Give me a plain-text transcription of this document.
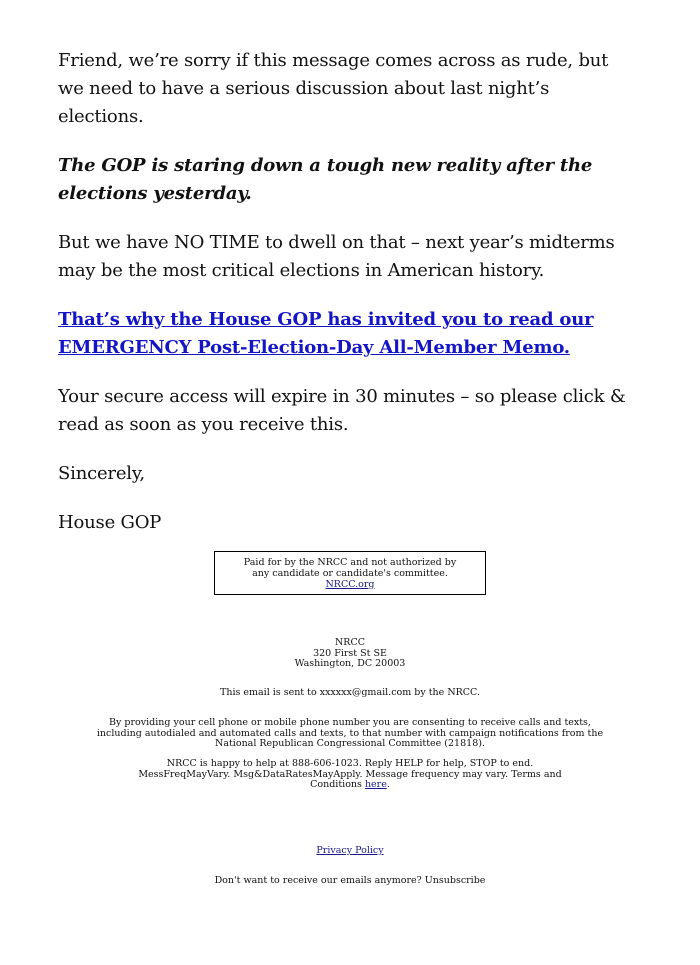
Friend, we’re sorry if this message comes across as rude, but we need to have a serious discussion about last night’s elections.

The GOP is staring down a tough new reality after the elections yesterday.

But we have NO TIME to dwell on that – next year’s midterms may be the most critical elections in American history.

That’s why the House GOP has invited you to read our EMERGENCY Post-Election-Day All-Member Memo.

Your secure access will expire in 30 minutes – so please click & read as soon as you receive this.

Sincerely,

House GOP

Paid for by the NRCC and not authorized by any candidate or candidate's committee. NRCC.org
NRCC
320 First St SE
Washington, DC 20003
This email is sent to xxxxxx@gmail.com by the NRCC.
By providing your cell phone or mobile phone number you are consenting to receive calls and texts, including autodialed and automated calls and texts, to that number with campaign notifications from the National Republican Congressional Committee (21818).
NRCC is happy to help at 888-606-1023. Reply HELP for help, STOP to end. MessFreqMayVary. Msg&DataRatesMayApply. Message frequency may vary. Terms and Conditions here.
Privacy Policy
Don't want to receive our emails anymore? Unsubscribe
